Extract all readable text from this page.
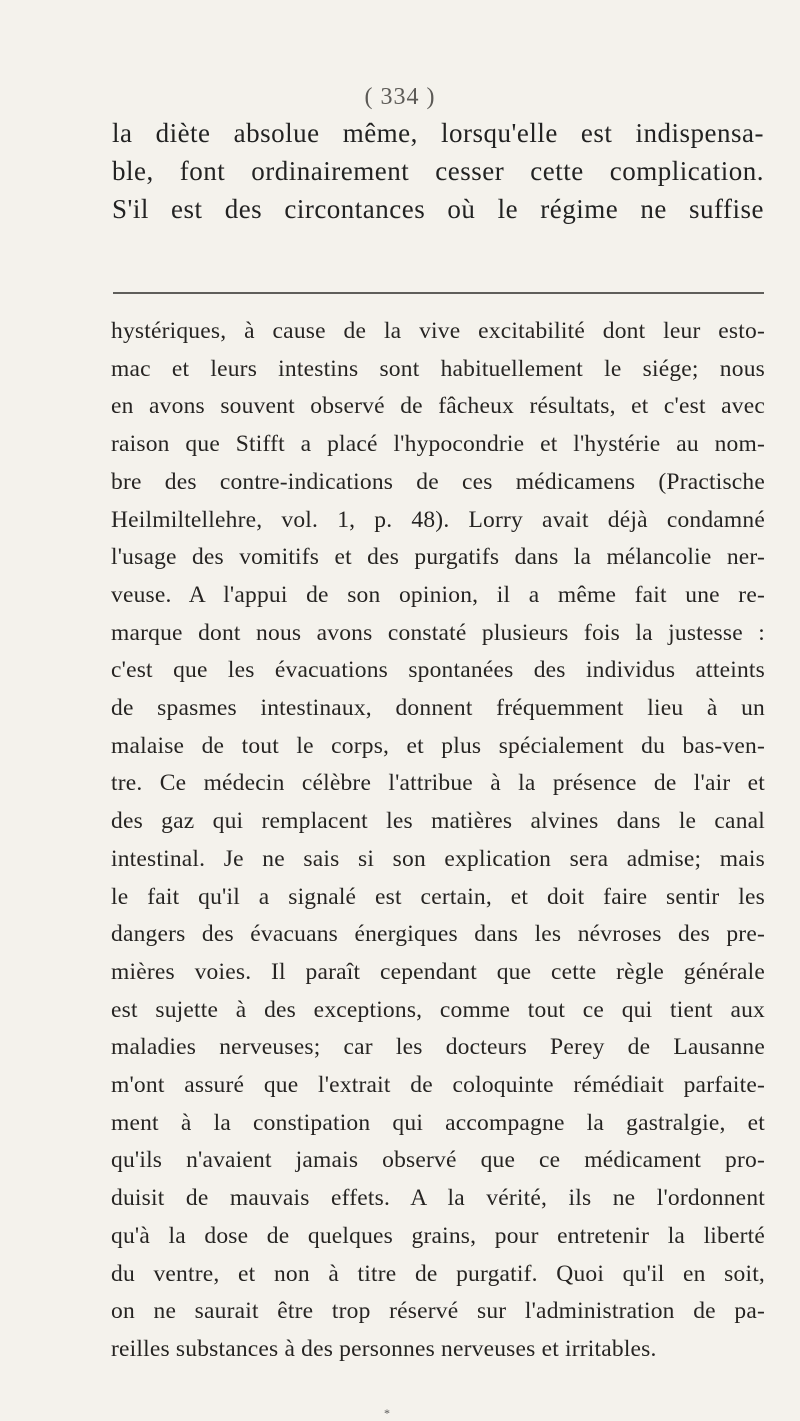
( 334 )
la diète absolue même, lorsqu'elle est indispensa-
ble, font ordinairement cesser cette complication.
S'il est des circontances où le régime ne suffise
hystériques, à cause de la vive excitabilité dont leur esto-
mac et leurs intestins sont habituellement le siége; nous
en avons souvent observé de fâcheux résultats, et c'est avec
raison que Stifft a placé l'hypocondrie et l'hystérie au nom-
bre des contre-indications de ces médicamens (Practische
Heilmiltellehre, vol. 1, p. 48). Lorry avait déjà condamné
l'usage des vomitifs et des purgatifs dans la mélancolie ner-
veuse. A l'appui de son opinion, il a même fait une re-
marque dont nous avons constaté plusieurs fois la justesse :
c'est que les évacuations spontanées des individus atteints
de spasmes intestinaux, donnent fréquemment lieu à un
malaise de tout le corps, et plus spécialement du bas-ven-
tre. Ce médecin célèbre l'attribue à la présence de l'air et
des gaz qui remplacent les matières alvines dans le canal
intestinal. Je ne sais si son explication sera admise; mais
le fait qu'il a signalé est certain, et doit faire sentir les
dangers des évacuans énergiques dans les névroses des pre-
mières voies. Il paraît cependant que cette règle générale
est sujette à des exceptions, comme tout ce qui tient aux
maladies nerveuses; car les docteurs Perey de Lausanne
m'ont assuré que l'extrait de coloquinte rémédiait parfaite-
ment à la constipation qui accompagne la gastralgie, et
qu'ils n'avaient jamais observé que ce médicament pro-
duisit de mauvais effets. A la vérité, ils ne l'ordonnent
qu'à la dose de quelques grains, pour entretenir la liberté
du ventre, et non à titre de purgatif. Quoi qu'il en soit,
on ne saurait être trop réservé sur l'administration de pa-
reilles substances à des personnes nerveuses et irritables.
*
